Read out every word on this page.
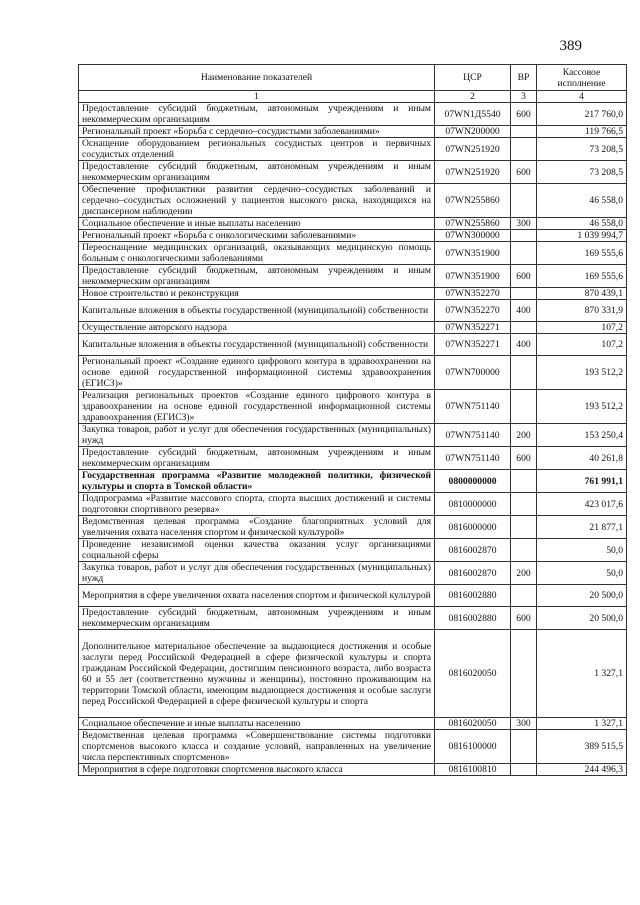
389
Наименование показателей	ЦСР	ВР	Кассовое исполнение
1	2	3	4
Предоставление субсидий бюджетным, автономным учреждениям и иным некоммерческим организациям	07WN1Д5540	600	217 760,0
Региональный проект «Борьба с сердечно–сосудистыми заболеваниями»	07WN200000		119 766,5
Оснащение оборудованием региональных сосудистых центров и первичных сосудистых отделений	07WN251920		73 208,5
Предоставление субсидий бюджетным, автономным учреждениям и иным некоммерческим организациям	07WN251920	600	73 208,5
Обеспечение профилактики развития сердечно–сосудистых заболеваний и сердечно–сосудистых осложнений у пациентов высокого риска, находящихся на диспансерном наблюдении	07WN255860		46 558,0
Социальное обеспечение и иные выплаты населению	07WN255860	300	46 558,0
Региональный проект «Борьба с онкологическими заболеваниями»	07WN300000		1 039 994,7
Переоснащение медицинских организаций, оказывающих медицинскую помощь больным с онкологическими заболеваниями	07WN351900		169 555,6
Предоставление субсидий бюджетным, автономным учреждениям и иным некоммерческим организациям	07WN351900	600	169 555,6
Новое строительство и реконструкция	07WN352270		870 439,1
Капитальные вложения в объекты государственной (муниципальной) собственности	07WN352270	400	870 331,9
Осуществление авторского надзора	07WN352271		107,2
Капитальные вложения в объекты государственной (муниципальной) собственности	07WN352271	400	107,2
Региональный проект «Создание единого цифрового контура в здравоохранении на основе единой государственной информационной системы здравоохранения (ЕГИСЗ)»	07WN700000		193 512,2
Реализация региональных проектов «Создание единого цифрового контура в здравоохранении на основе единой государственной информационной системы здравоохранения (ЕГИСЗ)»	07WN751140		193 512,2
Закупка товаров, работ и услуг для обеспечения государственных (муниципальных) нужд	07WN751140	200	153 250,4
Предоставление субсидий бюджетным, автономным учреждениям и иным некоммерческим организациям	07WN751140	600	40 261,8
Государственная программа «Развитие молодежной политики, физической культуры и спорта в Томской области»	0800000000		761 991,1
Подпрограмма «Развитие массового спорта, спорта высших достижений и системы подготовки спортивного резерва»	0810000000		423 017,6
Ведомственная целевая программа «Создание благоприятных условий для увеличения охвата населения спортом и физической культурой»	0816000000		21 877,1
Проведение независимой оценки качества оказания услуг организациями социальной сферы	0816002870		50,0
Закупка товаров, работ и услуг для обеспечения государственных (муниципальных) нужд	0816002870	200	50,0
Мероприятия в сфере увеличения охвата населения спортом и физической культурой	0816002880		20 500,0
Предоставление субсидий бюджетным, автономным учреждениям и иным некоммерческим организациям	0816002880	600	20 500,0
Дополнительное материальное обеспечение за выдающиеся достижения и особые заслуги перед Российской Федерацией в сфере физической культуры и спорта гражданам Российской Федерации, достигшим пенсионного возраста, либо возраста 60 и 55 лет (соответственно мужчины и женщины), постоянно проживающим на территории Томской области, имеющим выдающиеся достижения и особые заслуги перед Российской Федерацией в сфере физической культуры и спорта	0816020050		1 327,1
Социальное обеспечение и иные выплаты населению	0816020050	300	1 327,1
Ведомственная целевая программа «Совершенствование системы подготовки спортсменов высокого класса и создание условий, направленных на увеличение числа перспективных спортсменов»	0816100000		389 515,5
Мероприятия в сфере подготовки спортсменов высокого класса	0816100810		244 496,3
